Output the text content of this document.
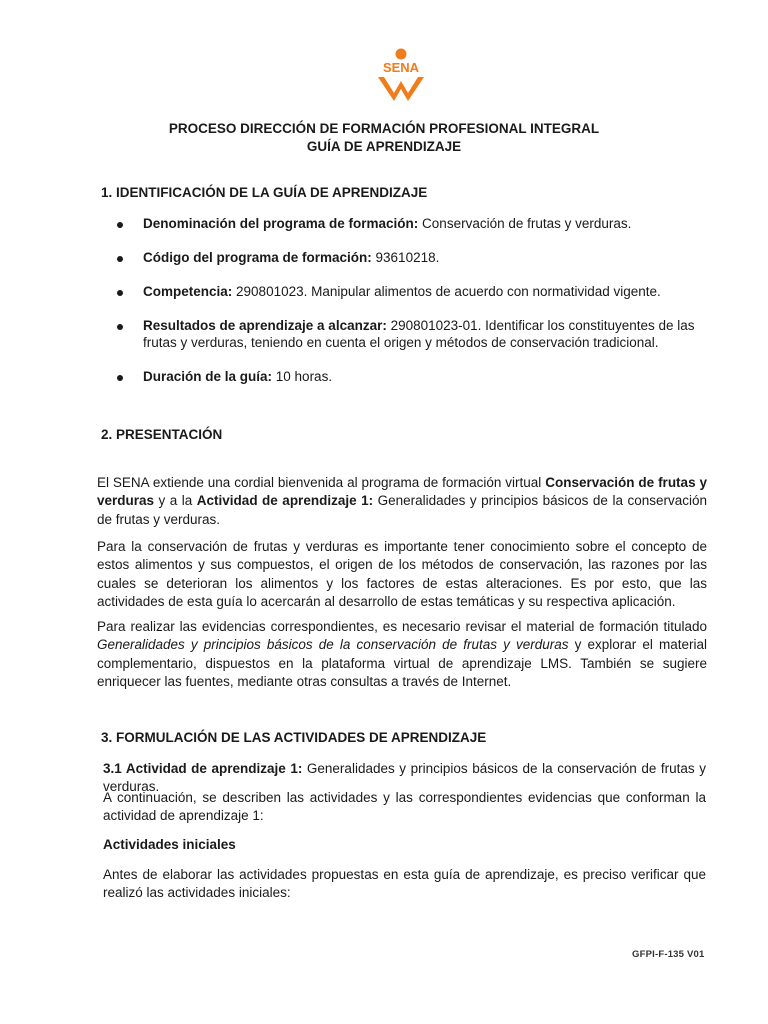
SENA
PROCESO DIRECCIÓN DE FORMACIÓN PROFESIONAL INTEGRAL
GUÍA DE APRENDIZAJE
1. IDENTIFICACIÓN DE LA GUÍA DE APRENDIZAJE
Denominación del programa de formación: Conservación de frutas y verduras.
Código del programa de formación: 93610218.
Competencia: 290801023. Manipular alimentos de acuerdo con normatividad vigente.
Resultados de aprendizaje a alcanzar: 290801023-01. Identificar los constituyentes de las frutas y verduras, teniendo en cuenta el origen y métodos de conservación tradicional.
Duración de la guía: 10 horas.
2. PRESENTACIÓN
El SENA extiende una cordial bienvenida al programa de formación virtual Conservación de frutas y verduras y a la Actividad de aprendizaje 1: Generalidades y principios básicos de la conservación de frutas y verduras.
Para la conservación de frutas y verduras es importante tener conocimiento sobre el concepto de estos alimentos y sus compuestos, el origen de los métodos de conservación, las razones por las cuales se deterioran los alimentos y los factores de estas alteraciones. Es por esto, que las actividades de esta guía lo acercarán al desarrollo de estas temáticas y su respectiva aplicación.
Para realizar las evidencias correspondientes, es necesario revisar el material de formación titulado Generalidades y principios básicos de la conservación de frutas y verduras y explorar el material complementario, dispuestos en la plataforma virtual de aprendizaje LMS. También se sugiere enriquecer las fuentes, mediante otras consultas a través de Internet.
3. FORMULACIÓN DE LAS ACTIVIDADES DE APRENDIZAJE
3.1 Actividad de aprendizaje 1: Generalidades y principios básicos de la conservación de frutas y verduras.
A continuación, se describen las actividades y las correspondientes evidencias que conforman la actividad de aprendizaje 1:
Actividades iniciales
Antes de elaborar las actividades propuestas en esta guía de aprendizaje, es preciso verificar que realizó las actividades iniciales:
GFPI-F-135 V01
